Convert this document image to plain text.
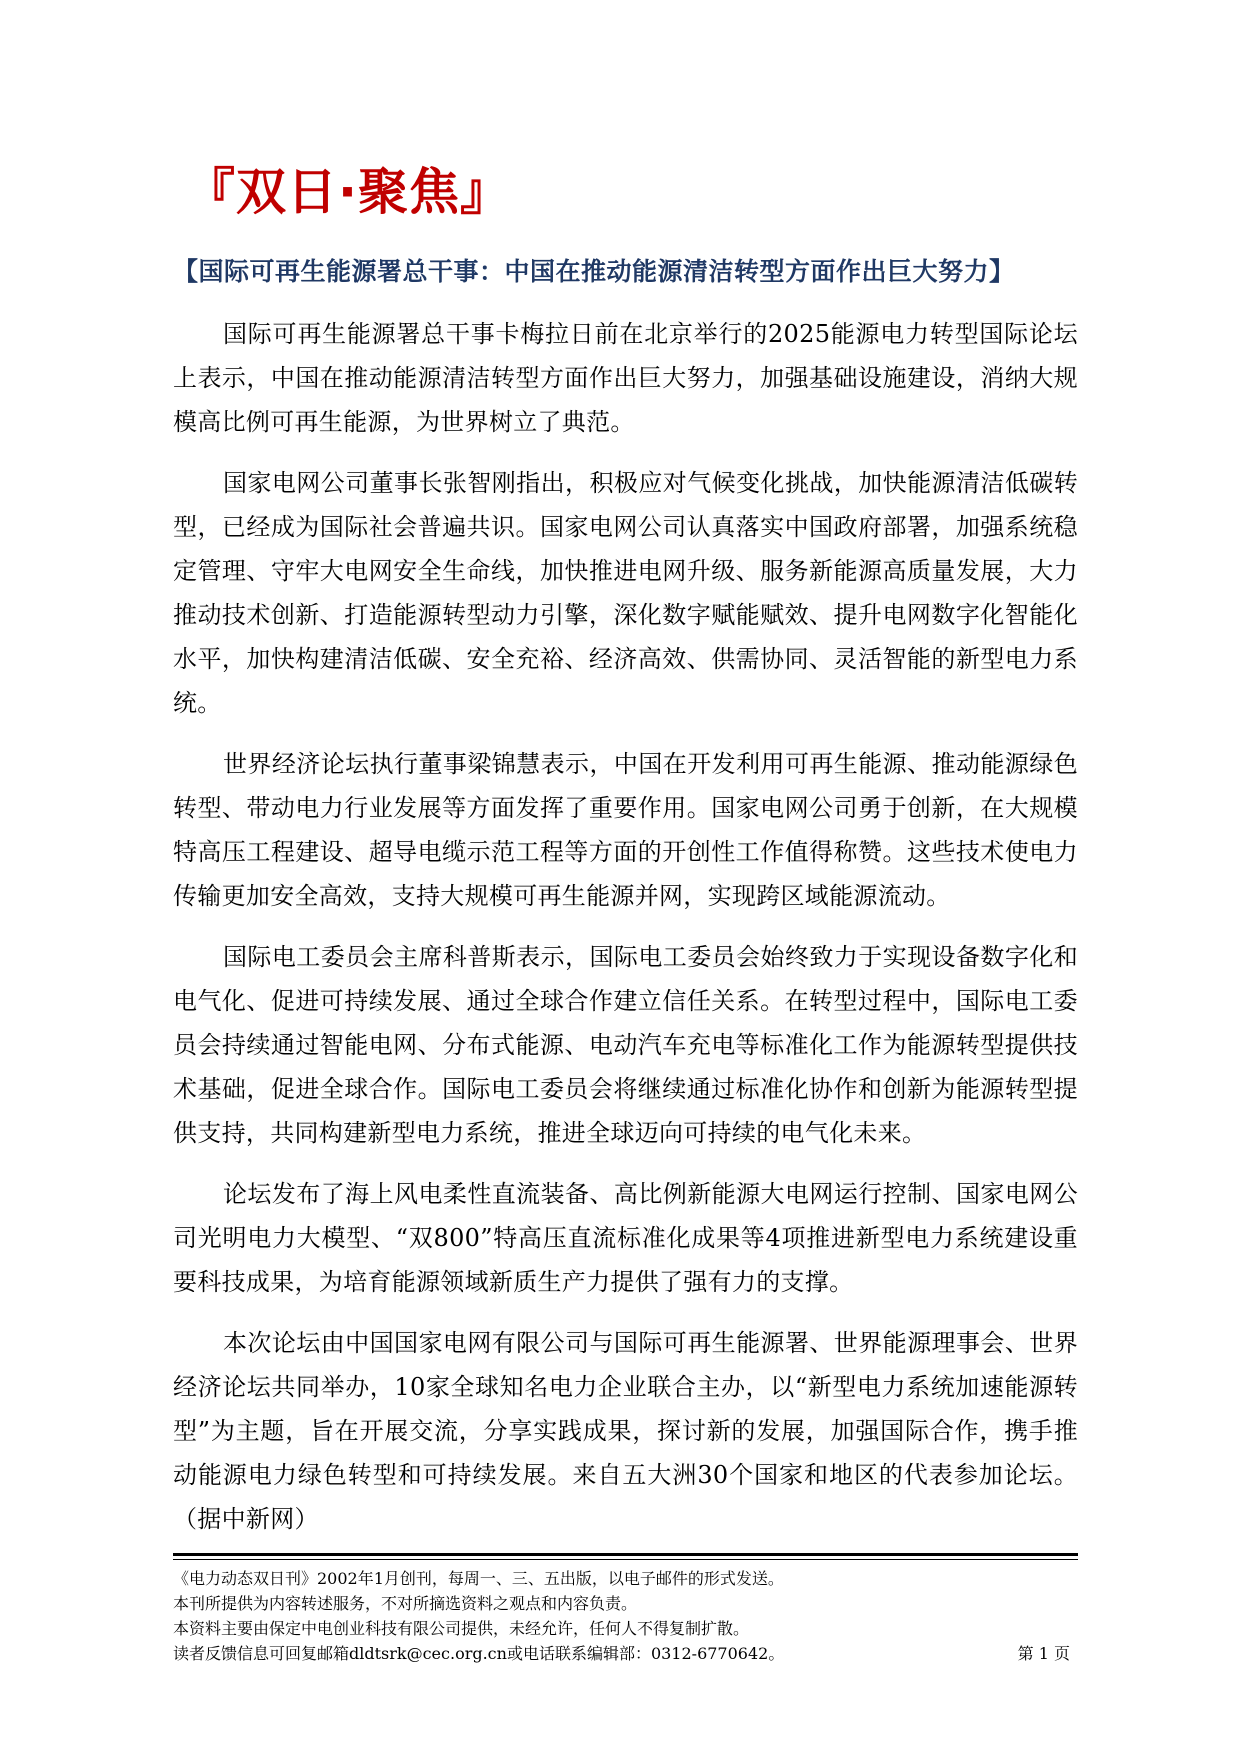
『双日·聚焦』
【国际可再生能源署总干事：中国在推动能源清洁转型方面作出巨大努力】

国际可再生能源署总干事卡梅拉日前在北京举行的2025能源电力转型国际论坛上表示，中国在推动能源清洁转型方面作出巨大努力，加强基础设施建设，消纳大规模高比例可再生能源，为世界树立了典范。

国家电网公司董事长张智刚指出，积极应对气候变化挑战，加快能源清洁低碳转型，已经成为国际社会普遍共识。国家电网公司认真落实中国政府部署，加强系统稳定管理、守牢大电网安全生命线，加快推进电网升级、服务新能源高质量发展，大力推动技术创新、打造能源转型动力引擎，深化数字赋能赋效、提升电网数字化智能化水平，加快构建清洁低碳、安全充裕、经济高效、供需协同、灵活智能的新型电力系统。

世界经济论坛执行董事梁锦慧表示，中国在开发利用可再生能源、推动能源绿色转型、带动电力行业发展等方面发挥了重要作用。国家电网公司勇于创新，在大规模特高压工程建设、超导电缆示范工程等方面的开创性工作值得称赞。这些技术使电力传输更加安全高效，支持大规模可再生能源并网，实现跨区域能源流动。

国际电工委员会主席科普斯表示，国际电工委员会始终致力于实现设备数字化和电气化、促进可持续发展、通过全球合作建立信任关系。在转型过程中，国际电工委员会持续通过智能电网、分布式能源、电动汽车充电等标准化工作为能源转型提供技术基础，促进全球合作。国际电工委员会将继续通过标准化协作和创新为能源转型提供支持，共同构建新型电力系统，推进全球迈向可持续的电气化未来。

论坛发布了海上风电柔性直流装备、高比例新能源大电网运行控制、国家电网公司光明电力大模型、“双800”特高压直流标准化成果等4项推进新型电力系统建设重要科技成果，为培育能源领域新质生产力提供了强有力的支撑。

本次论坛由中国国家电网有限公司与国际可再生能源署、世界能源理事会、世界经济论坛共同举办，10家全球知名电力企业联合主办，以“新型电力系统加速能源转型”为主题，旨在开展交流，分享实践成果，探讨新的发展，加强国际合作，携手推动能源电力绿色转型和可持续发展。来自五大洲30个国家和地区的代表参加论坛。（据中新网）

《电力动态双日刊》2002年1月创刊，每周一、三、五出版，以电子邮件的形式发送。
本刊所提供为内容转述服务，不对所摘选资料之观点和内容负责。
本资料主要由保定中电创业科技有限公司提供，未经允许，任何人不得复制扩散。
读者反馈信息可回复邮箱dldtsrk@cec.org.cn或电话联系编辑部：0312-6770642。	第 1 页
